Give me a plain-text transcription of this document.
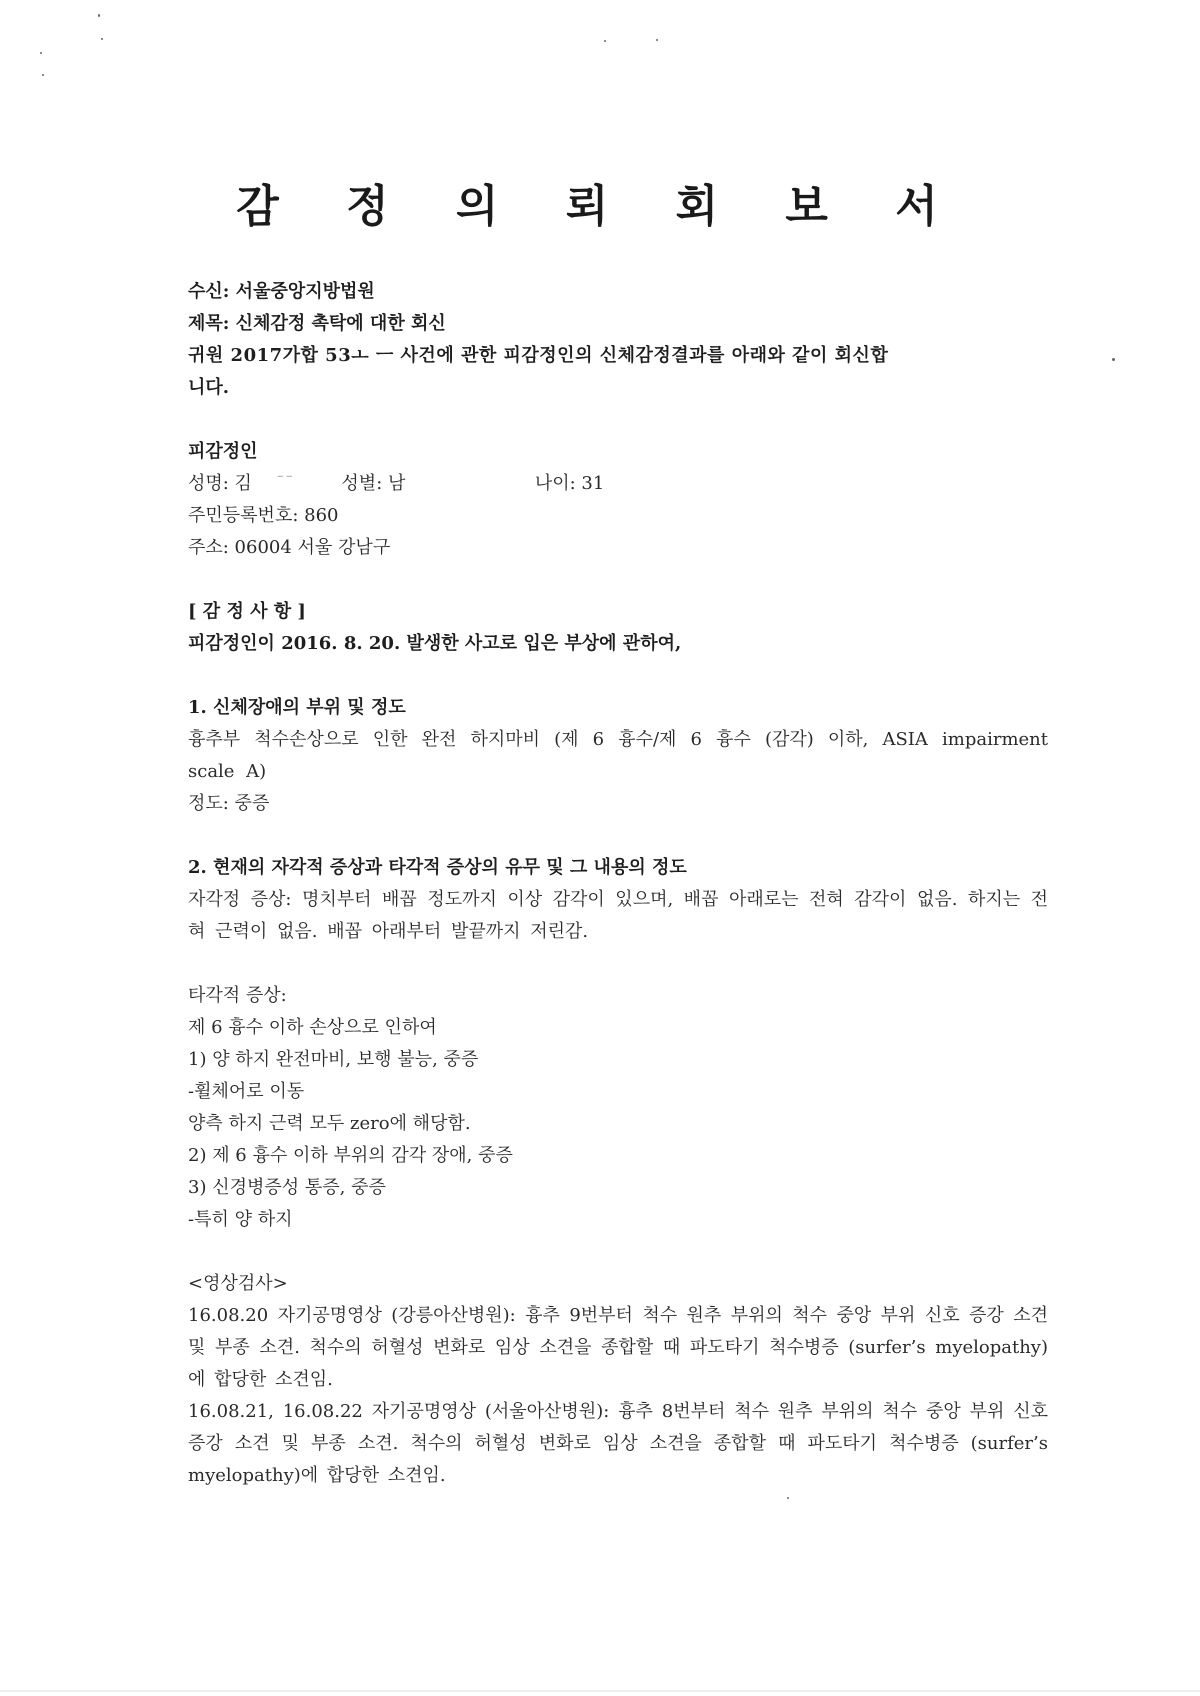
감 정 의 뢰 회 보 서
수신: 서울중앙지방법원
제목: 신체감정 촉탁에 대한 회신
귀원 2017가합 53ㅗ ㅡ 사건에 관한 피감정인의 신체감정결과를 아래와 같이 회신합
니다.
피감정인
성명: 김 ˉˉ	성별: 남	나이: 31
주민등록번호: 860
주소: 06004 서울 강남구
[ 감 정 사 항 ]
피감정인이 2016. 8. 20. 발생한 사고로 입은 부상에 관하여,
1. 신체장애의 부위 및 정도
흉추부 척수손상으로 인한 완전 하지마비 (제 6 흉수/제 6 흉수 (감각) 이하, ASIA impairment scale A)
정도: 중증
2. 현재의 자각적 증상과 타각적 증상의 유무 및 그 내용의 정도
자각정 증상: 명치부터 배꼽 정도까지 이상 감각이 있으며, 배꼽 아래로는 전혀 감각이 없음. 하지는 전혀 근력이 없음. 배꼽 아래부터 발끝까지 저린감.
타각적 증상:
제 6 흉수 이하 손상으로 인하여
1) 양 하지 완전마비, 보행 불능, 중증
-휠체어로 이동
양측 하지 근력 모두 zero에 해당함.
2) 제 6 흉수 이하 부위의 감각 장애, 중증
3) 신경병증성 통증, 중증
-특히 양 하지
<영상검사>
16.08.20 자기공명영상 (강릉아산병원): 흉추 9번부터 척수 원추 부위의 척수 중앙 부위 신호 증강 소견 및 부종 소견. 척수의 허혈성 변화로 임상 소견을 종합할 때 파도타기 척수병증 (surfer’s myelopathy)에 합당한 소견임.
16.08.21, 16.08.22 자기공명영상 (서울아산병원): 흉추 8번부터 척수 원추 부위의 척수 중앙 부위 신호 증강 소견 및 부종 소견. 척수의 허혈성 변화로 임상 소견을 종합할 때 파도타기 척수병증 (surfer’s myelopathy)에 합당한 소견임.
